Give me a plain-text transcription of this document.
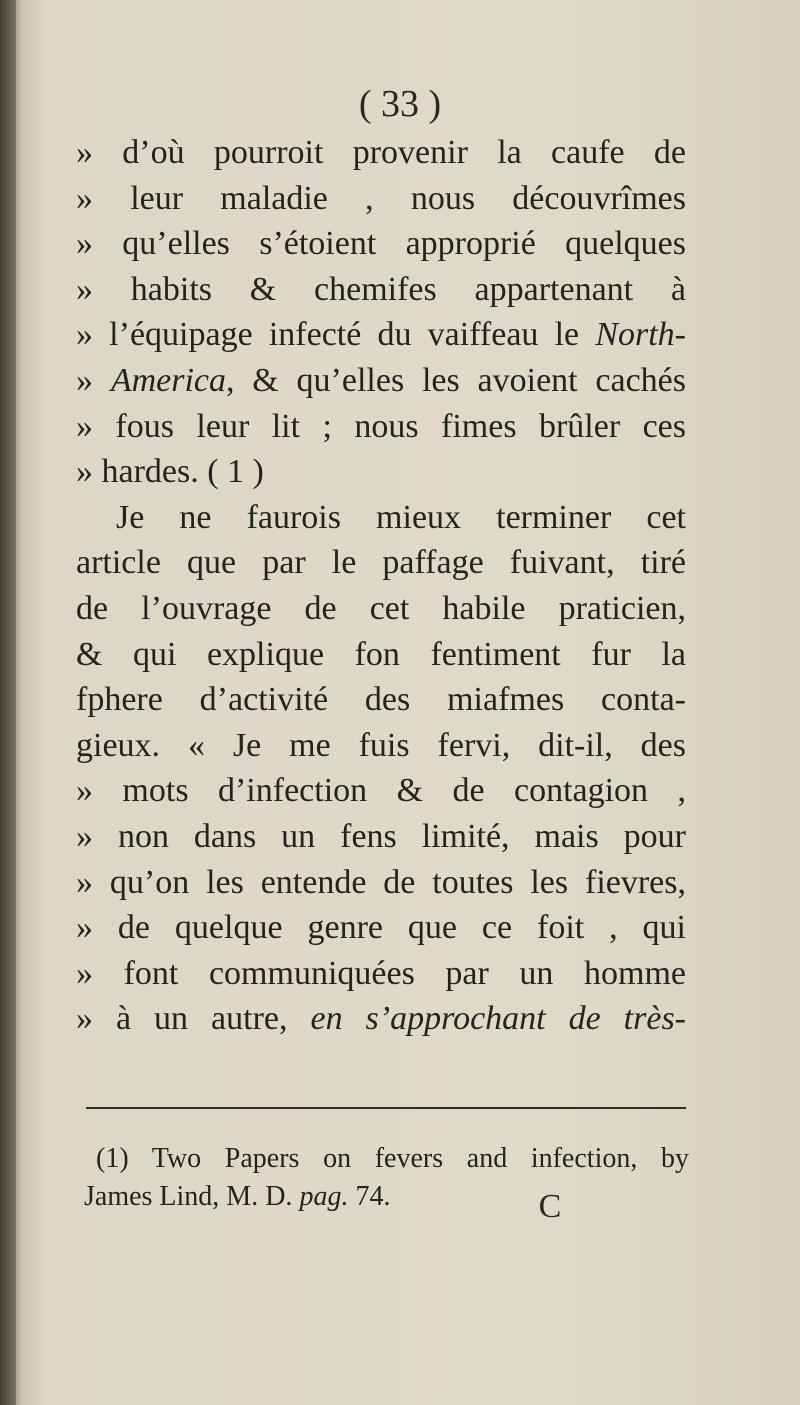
( 33 )
» d’où pourroit provenir la caufe de
» leur maladie , nous découvrîmes
» qu’elles s’étoient approprié quelques
» habits & chemifes appartenant à
» l’équipage infecté du vaiffeau le North-
» America, & qu’elles les avoient cachés
» fous leur lit ; nous fimes brûler ces
» hardes. ( 1 )
Je ne faurois mieux terminer cet
article que par le paffage fuivant, tiré
de l’ouvrage de cet habile praticien,
& qui explique fon fentiment fur la
fphere d’activité des miafmes conta-
gieux. « Je me fuis fervi, dit-il, des
» mots d’infection & de contagion ,
» non dans un fens limité, mais pour
» qu’on les entende de toutes les fievres,
» de quelque genre que ce foit , qui
» font communiquées par un homme
» à un autre, en s’approchant de très-
(1) Two Papers on fevers and infection, by
James Lind, M. D. pag. 74.	C
